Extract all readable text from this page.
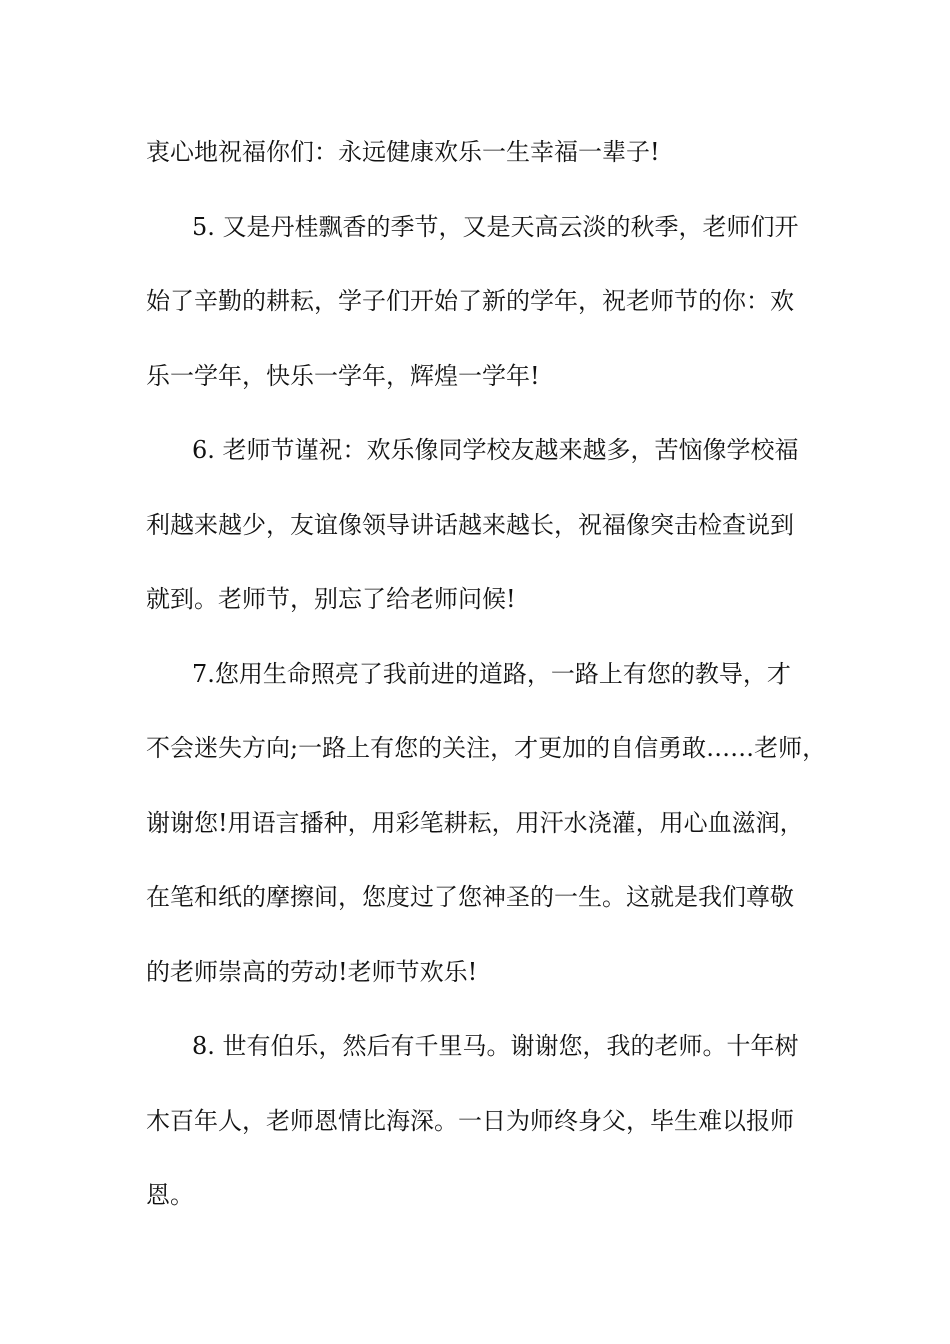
衷心地祝福你们：永远健康欢乐一生幸福一辈子!
5. 又是丹桂飘香的季节，又是天高云淡的秋季，老师们开
始了辛勤的耕耘，学子们开始了新的学年，祝老师节的你：欢
乐一学年，快乐一学年，辉煌一学年!
6. 老师节谨祝：欢乐像同学校友越来越多，苦恼像学校福
利越来越少，友谊像领导讲话越来越长，祝福像突击检查说到
就到。老师节，别忘了给老师问候!
7.您用生命照亮了我前进的道路，一路上有您的教导，才
不会迷失方向;一路上有您的关注，才更加的自信勇敢……老师，
谢谢您!用语言播种，用彩笔耕耘，用汗水浇灌，用心血滋润，
在笔和纸的摩擦间，您度过了您神圣的一生。这就是我们尊敬
的老师崇高的劳动!老师节欢乐!
8. 世有伯乐，然后有千里马。谢谢您，我的老师。十年树
木百年人，老师恩情比海深。一日为师终身父，毕生难以报师
恩。
